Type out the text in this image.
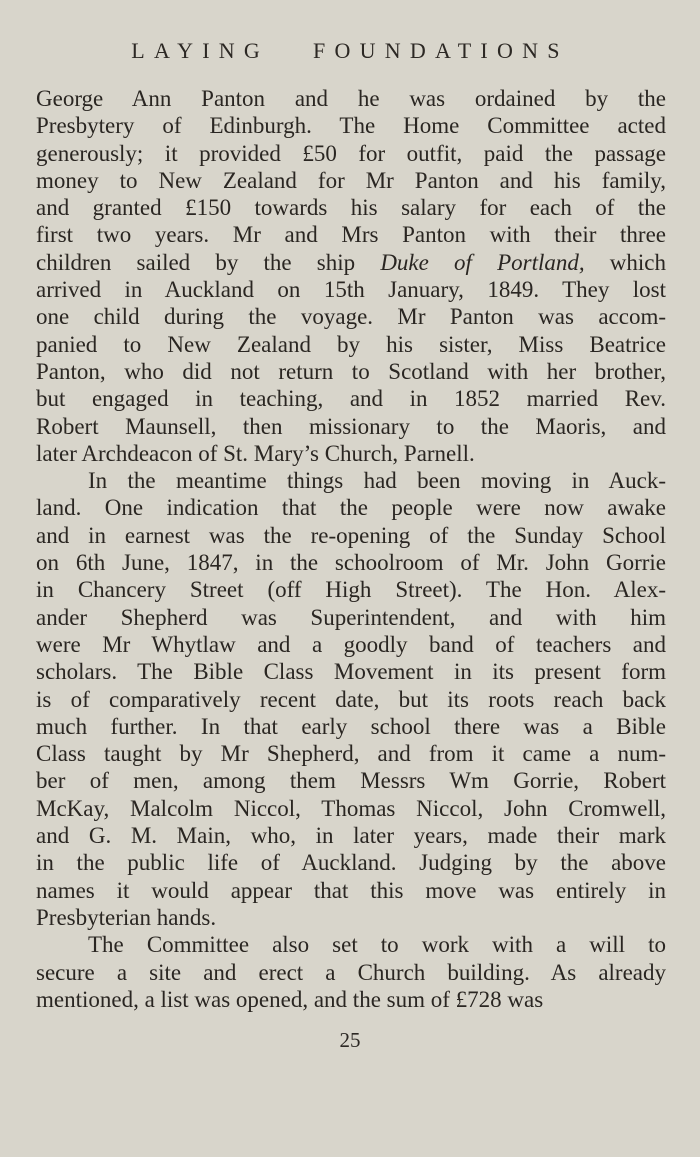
LAYING FOUNDATIONS
George Ann Panton and he was ordained by the
Presbytery of Edinburgh. The Home Committee acted
generously; it provided £50 for outfit, paid the passage
money to New Zealand for Mr Panton and his family,
and granted £150 towards his salary for each of the
first two years. Mr and Mrs Panton with their three
children sailed by the ship Duke of Portland, which
arrived in Auckland on 15th January, 1849. They lost
one child during the voyage. Mr Panton was accom-
panied to New Zealand by his sister, Miss Beatrice
Panton, who did not return to Scotland with her brother,
but engaged in teaching, and in 1852 married Rev.
Robert Maunsell, then missionary to the Maoris, and
later Archdeacon of St. Mary’s Church, Parnell.
In the meantime things had been moving in Auck-
land. One indication that the people were now awake
and in earnest was the re-opening of the Sunday School
on 6th June, 1847, in the schoolroom of Mr. John Gorrie
in Chancery Street (off High Street). The Hon. Alex-
ander Shepherd was Superintendent, and with him
were Mr Whytlaw and a goodly band of teachers and
scholars. The Bible Class Movement in its present form
is of comparatively recent date, but its roots reach back
much further. In that early school there was a Bible
Class taught by Mr Shepherd, and from it came a num-
ber of men, among them Messrs Wm Gorrie, Robert
McKay, Malcolm Niccol, Thomas Niccol, John Cromwell,
and G. M. Main, who, in later years, made their mark
in the public life of Auckland. Judging by the above
names it would appear that this move was entirely in
Presbyterian hands.
The Committee also set to work with a will to
secure a site and erect a Church building. As already
mentioned, a list was opened, and the sum of £728 was
25
